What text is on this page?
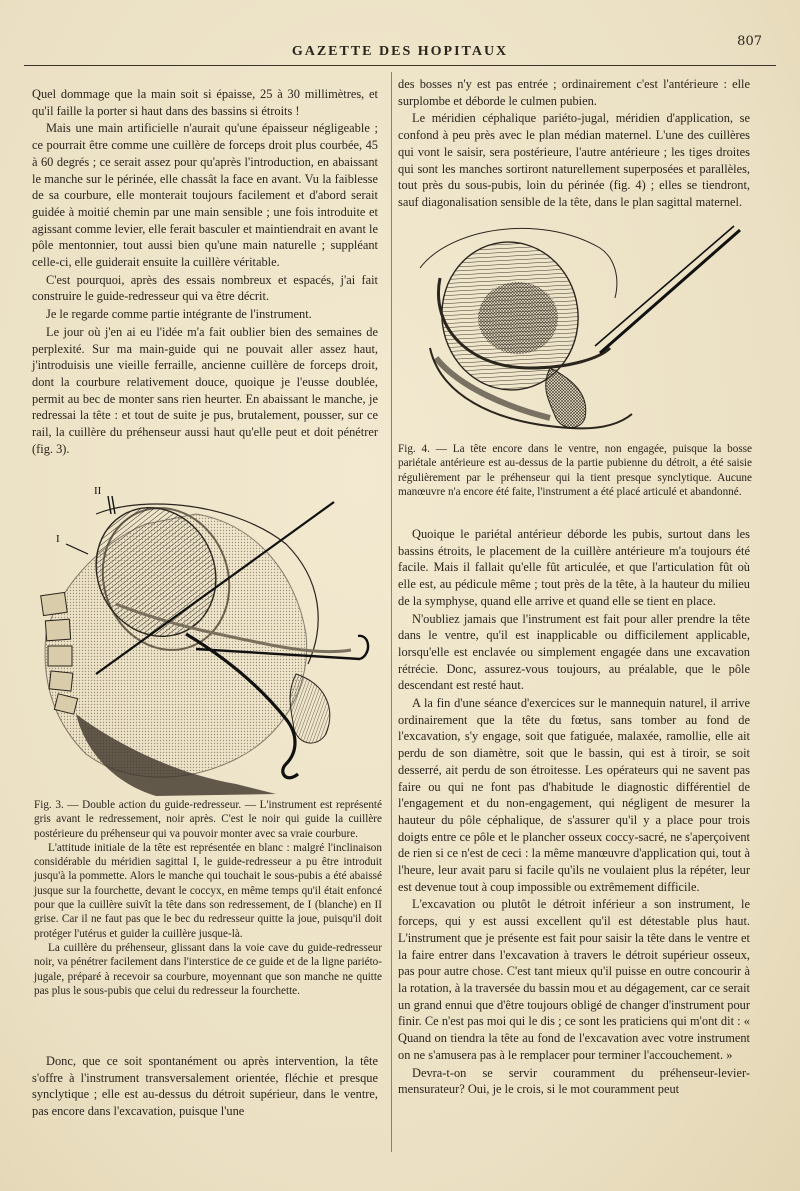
GAZETTE DES HOPITAUX
807

Quel dommage que la main soit si épaisse, 25 à 30 millimètres, et qu'il faille la porter si haut dans des bassins si étroits !

Mais une main artificielle n'aurait qu'une épaisseur négligeable ; ce pourrait être comme une cuillère de forceps droit plus courbée, 45 à 60 degrés ; ce serait assez pour qu'après l'introduction, en abaissant le manche sur le périnée, elle chassât la face en avant. Vu la faiblesse de sa courbure, elle monterait toujours facilement et d'abord serait guidée à moitié chemin par une main sensible ; une fois introduite et agissant comme levier, elle ferait basculer et maintiendrait en avant le pôle mentonnier, tout aussi bien qu'une main naturelle ; suppléant celle-ci, elle guiderait ensuite la cuillère véritable.

C'est pourquoi, après des essais nombreux et espacés, j'ai fait construire le guide-redresseur qui va être décrit.

Je le regarde comme partie intégrante de l'instrument.

Le jour où j'en ai eu l'idée m'a fait oublier bien des semaines de perplexité. Sur ma main-guide qui ne pouvait aller assez haut, j'introduisis une vieille ferraille, ancienne cuillère de forceps droit, dont la courbure relativement douce, quoique je l'eusse doublée, permit au bec de monter sans rien heurter. En abaissant le manche, je redressai la tête : et tout de suite je pus, brutalement, pousser, sur ce rail, la cuillère du préhenseur aussi haut qu'elle peut et doit pénétrer (fig. 3).

II
I

Fig. 3. — Double action du guide-redresseur. — L'instrument est représenté gris avant le redressement, noir après. C'est le noir qui guide la cuillère postérieure du préhenseur qui va pouvoir monter avec sa vraie courbure.

L'attitude initiale de la tête est représentée en blanc : malgré l'inclinaison considérable du méridien sagittal I, le guide-redresseur a pu être introduit jusqu'à la pommette. Alors le manche qui touchait le sous-pubis a été abaissé jusque sur la fourchette, devant le coccyx, en même temps qu'il était enfoncé pour que la cuillère suivît la tête dans son redressement, de I (blanche) en II grise. Car il ne faut pas que le bec du redresseur quitte la joue, puisqu'il doit protéger l'utérus et guider la cuillère jusque-là.

La cuillère du préhenseur, glissant dans la voie cave du guide-redresseur noir, va pénétrer facilement dans l'interstice de ce guide et de la ligne pariéto-jugale, préparé à recevoir sa courbure, moyennant que son manche ne quitte pas plus le sous-pubis que celui du redresseur la fourchette.

Donc, que ce soit spontanément ou après intervention, la tête s'offre à l'instrument transversalement orientée, fléchie et presque synclytique ; elle est au-dessus du détroit supérieur, dans le ventre, pas encore dans l'excavation, puisque l'une

des bosses n'y est pas entrée ; ordinairement c'est l'antérieure : elle surplombe et déborde le culmen pubien.

Le méridien céphalique pariéto-jugal, méridien d'application, se confond à peu près avec le plan médian maternel. L'une des cuillères qui vont le saisir, sera postérieure, l'autre antérieure ; les tiges droites qui sont les manches sortiront naturellement superposées et parallèles, tout près du sous-pubis, loin du périnée (fig. 4) ; elles se tiendront, sauf diagonalisation sensible de la tête, dans le plan sagittal maternel.

Fig. 4. — La tête encore dans le ventre, non engagée, puisque la bosse pariétale antérieure est au-dessus de la partie pubienne du détroit, a été saisie régulièrement par le préhenseur qui la tient presque synclytique. Aucune manœuvre n'a encore été faite, l'instrument a été placé articulé et abandonné.

Quoique le pariétal antérieur déborde les pubis, surtout dans les bassins étroits, le placement de la cuillère antérieure m'a toujours été facile. Mais il fallait qu'elle fût articulée, et que l'articulation fût où elle est, au pédicule même ; tout près de la tête, à la hauteur du milieu de la symphyse, quand elle arrive et quand elle se tient en place.

N'oubliez jamais que l'instrument est fait pour aller prendre la tête dans le ventre, qu'il est inapplicable ou difficilement applicable, lorsqu'elle est enclavée ou simplement engagée dans une excavation rétrécie. Donc, assurez-vous toujours, au préalable, que le pôle descendant est resté haut.

A la fin d'une séance d'exercices sur le mannequin naturel, il arrive ordinairement que la tête du fœtus, sans tomber au fond de l'excavation, s'y engage, soit que fatiguée, malaxée, ramollie, elle ait perdu de son diamètre, soit que le bassin, qui est à tiroir, se soit desserré, ait perdu de son étroitesse. Les opérateurs qui ne savent pas faire ou qui ne font pas d'habitude le diagnostic différentiel de l'engagement et du non-engagement, qui négligent de mesurer la hauteur du pôle céphalique, de s'assurer qu'il y a place pour trois doigts entre ce pôle et le plancher osseux coccy-sacré, ne s'aperçoivent de rien si ce n'est de ceci : la même manœuvre d'application qui, tout à l'heure, leur avait paru si facile qu'ils ne voulaient plus la répéter, leur est devenue tout à coup impossible ou extrêmement difficile.

L'excavation ou plutôt le détroit inférieur a son instrument, le forceps, qui y est aussi excellent qu'il est détestable plus haut. L'instrument que je présente est fait pour saisir la tête dans le ventre et la faire entrer dans l'excavation à travers le détroit supérieur osseux, pas pour autre chose. C'est tant mieux qu'il puisse en outre concourir à la rotation, à la traversée du bassin mou et au dégagement, car ce serait un grand ennui que d'être toujours obligé de changer d'instrument pour finir. Ce n'est pas moi qui le dis ; ce sont les praticiens qui m'ont dit : « Quand on tiendra la tête au fond de l'excavation avec votre instrument on ne s'amusera pas à le remplacer pour terminer l'accouchement. »

Devra-t-on se servir couramment du préhenseur-levier-mensurateur? Oui, je le crois, si le mot couramment peut
